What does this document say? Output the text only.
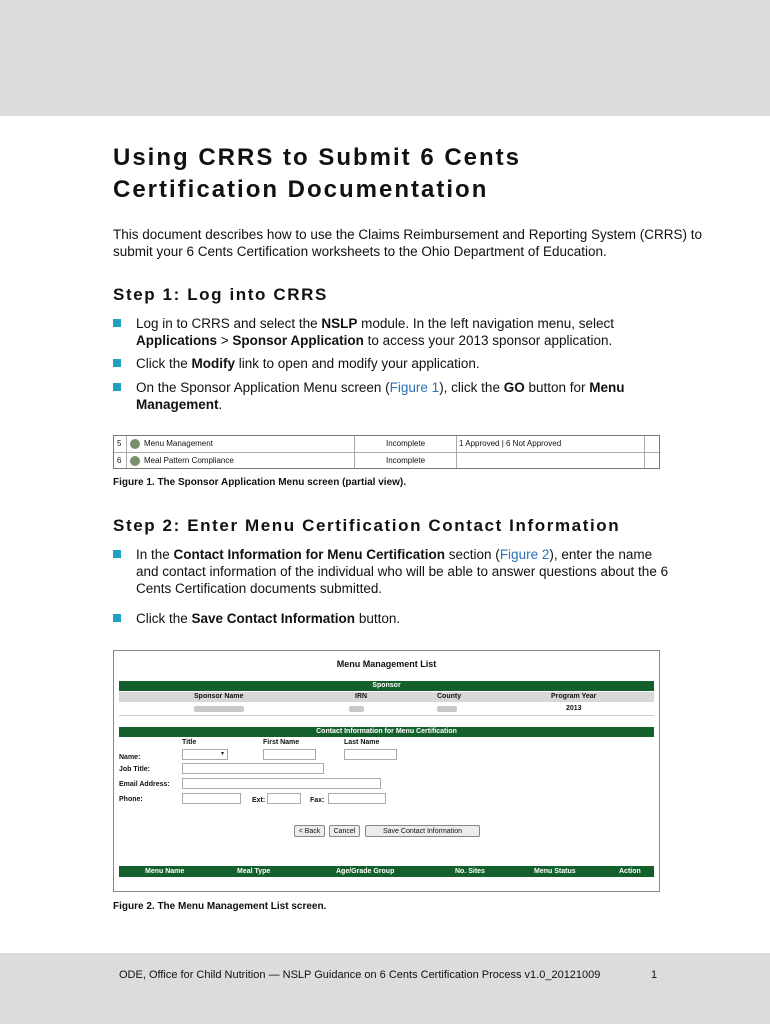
Using CRRS to Submit 6 Cents
Certification Documentation

This document describes how to use the Claims Reimbursement and Reporting System (CRRS) to submit your 6 Cents Certification worksheets to the Ohio Department of Education.

Step 1: Log into CRRS
Log in to CRRS and select the NSLP module. In the left navigation menu, select
Applications > Sponsor Application to access your 2013 sponsor application.
Click the Modify link to open and modify your application.
On the Sponsor Application Menu screen (Figure 1), click the GO button for Menu
Management.
5	Menu Management	Incomplete	1 Approved | 6 Not Approved
6	Meal Pattern Compliance	Incomplete
Figure 1. The Sponsor Application Menu screen (partial view).
Step 2: Enter Menu Certification Contact Information
In the Contact Information for Menu Certification section (Figure 2), enter the name and contact information of the individual who will be able to answer questions about the 6 Cents Certification documents submitted.
Click the Save Contact Information button.
Menu Management List
Sponsor
Sponsor Name	IRN	County	Program Year
2013
Contact Information for Menu Certification
Title	First Name	Last Name
Name:	▾
Job Title:
Email Address:
Phone:	Ext:	Fax:
< Back	Cancel	Save Contact Information
Menu Name	Meal Type	Age/Grade Group	No. Sites	Menu Status	Action
Figure 2. The Menu Management List screen.
ODE, Office for Child Nutrition — NSLP Guidance on 6 Cents Certification Process v1.0_20121009	1
